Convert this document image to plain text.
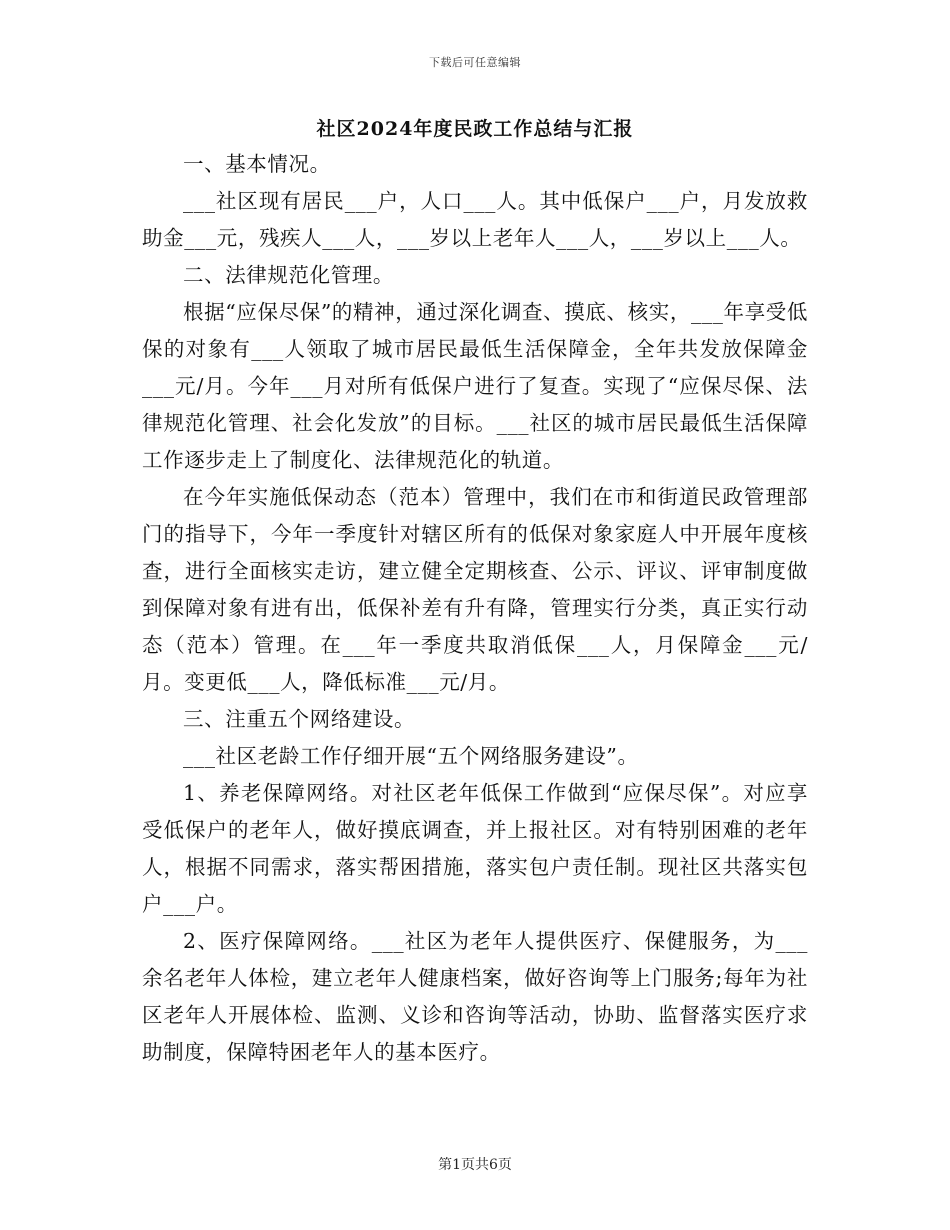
下载后可任意编辑
社区2024年度民政工作总结与汇报

一、基本情况。

___社区现有居民___户，人口___人。其中低保户___户，月发放救助金___元，残疾人___人，___岁以上老年人___人，___岁以上___人。

二、法律规范化管理。

根据“应保尽保”的精神，通过深化调查、摸底、核实，___年享受低保的对象有___人领取了城市居民最低生活保障金，全年共发放保障金___元/月。今年___月对所有低保户进行了复查。实现了“应保尽保、法律规范化管理、社会化发放”的目标。___社区的城市居民最低生活保障工作逐步走上了制度化、法律规范化的轨道。

在今年实施低保动态（范本）管理中，我们在市和街道民政管理部门的指导下，今年一季度针对辖区所有的低保对象家庭人中开展年度核查，进行全面核实走访，建立健全定期核查、公示、评议、评审制度做到保障对象有进有出，低保补差有升有降，管理实行分类，真正实行动态（范本）管理。在___年一季度共取消低保___人，月保障金___元/月。变更低___人，降低标准___元/月。

三、注重五个网络建设。

___社区老龄工作仔细开展“五个网络服务建设”。

1、养老保障网络。对社区老年低保工作做到“应保尽保”。对应享受低保户的老年人，做好摸底调查，并上报社区。对有特别困难的老年人，根据不同需求，落实帮困措施，落实包户责任制。现社区共落实包户___户。

2、医疗保障网络。___社区为老年人提供医疗、保健服务，为___余名老年人体检，建立老年人健康档案，做好咨询等上门服务;每年为社区老年人开展体检、监测、义诊和咨询等活动，协助、监督落实医疗求助制度，保障特困老年人的基本医疗。

第1页共6页
